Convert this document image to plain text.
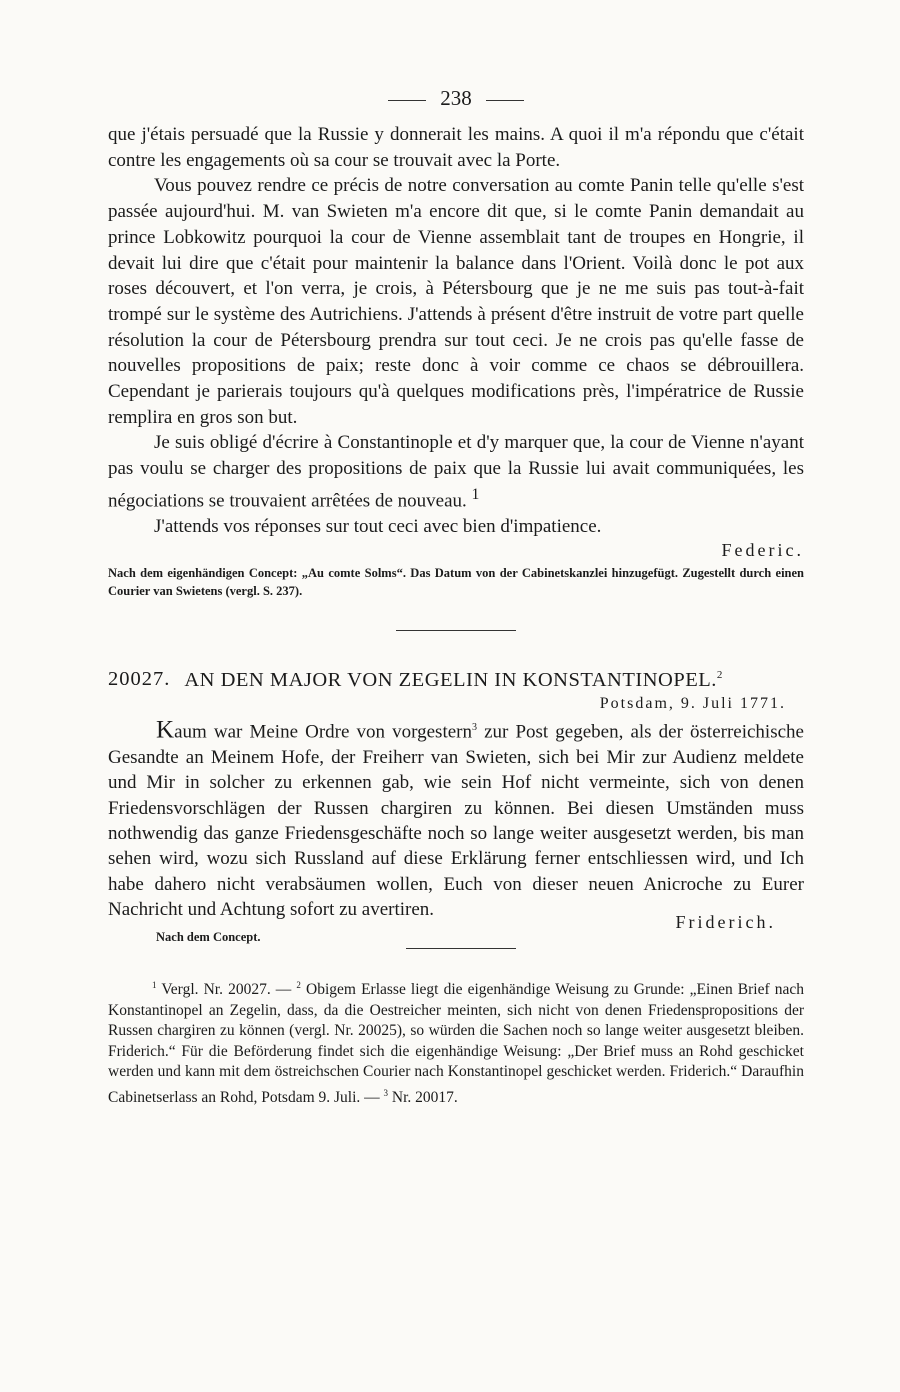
238

que j'étais persuadé que la Russie y donnerait les mains. A quoi il m'a répondu que c'était contre les engagements où sa cour se trouvait avec la Porte.

Vous pouvez rendre ce précis de notre conversation au comte Panin telle qu'elle s'est passée aujourd'hui. M. van Swieten m'a encore dit que, si le comte Panin demandait au prince Lobkowitz pourquoi la cour de Vienne assemblait tant de troupes en Hongrie, il devait lui dire que c'était pour maintenir la balance dans l'Orient. Voilà donc le pot aux roses découvert, et l'on verra, je crois, à Pétersbourg que je ne me suis pas tout-à-fait trompé sur le système des Autrichiens. J'attends à présent d'être instruit de votre part quelle résolution la cour de Pétersbourg prendra sur tout ceci. Je ne crois pas qu'elle fasse de nouvelles propositions de paix; reste donc à voir comme ce chaos se débrouillera. Cependant je parierais toujours qu'à quelques modifications près, l'impératrice de Russie remplira en gros son but.

Je suis obligé d'écrire à Constantinople et d'y marquer que, la cour de Vienne n'ayant pas voulu se charger des propositions de paix que la Russie lui avait communiquées, les négociations se trouvaient arrêtées de nouveau. $^1$

J'attends vos réponses sur tout ceci avec bien d'impatience.

Federic.
Nach dem eigenhändigen Concept: „Au comte Solms“. Das Datum von der Cabinetskanzlei hinzugefügt. Zugestellt durch einen Courier van Swietens (vergl. S. 237).
20027. AN DEN MAJOR VON ZEGELIN IN KONSTANTINOPEL.$^2$
Potsdam, 9. Juli 1771.

Kaum war Meine Ordre von vorgestern$^3$ zur Post gegeben, als der österreichische Gesandte an Meinem Hofe, der Freiherr van Swieten, sich bei Mir zur Audienz meldete und Mir in solcher zu erkennen gab, wie sein Hof nicht vermeinte, sich von denen Friedensvorschlägen der Russen chargiren zu können. Bei diesen Umständen muss nothwendig das ganze Friedensgeschäfte noch so lange weiter ausgesetzt werden, bis man sehen wird, wozu sich Russland auf diese Erklärung ferner entschliessen wird, und Ich habe dahero nicht verabsäumen wollen, Euch von dieser neuen Anicroche zu Eurer Nachricht und Achtung sofort zu avertiren.

Friderich.
Nach dem Concept.

$^1$ Vergl. Nr. 20027. — $^2$ Obigem Erlasse liegt die eigenhändige Weisung zu Grunde: „Einen Brief nach Konstantinopel an Zegelin, dass, da die Oestreicher meinten, sich nicht von denen Friedenspropositions der Russen chargiren zu können (vergl. Nr. 20025), so würden die Sachen noch so lange weiter ausgesetzt bleiben. Friderich.“ Für die Beförderung findet sich die eigenhändige Weisung: „Der Brief muss an Rohd geschicket werden und kann mit dem östreichschen Courier nach Konstantinopel geschicket werden. Friderich.“ Daraufhin Cabinetserlass an Rohd, Potsdam 9. Juli. — $^3$ Nr. 20017.
